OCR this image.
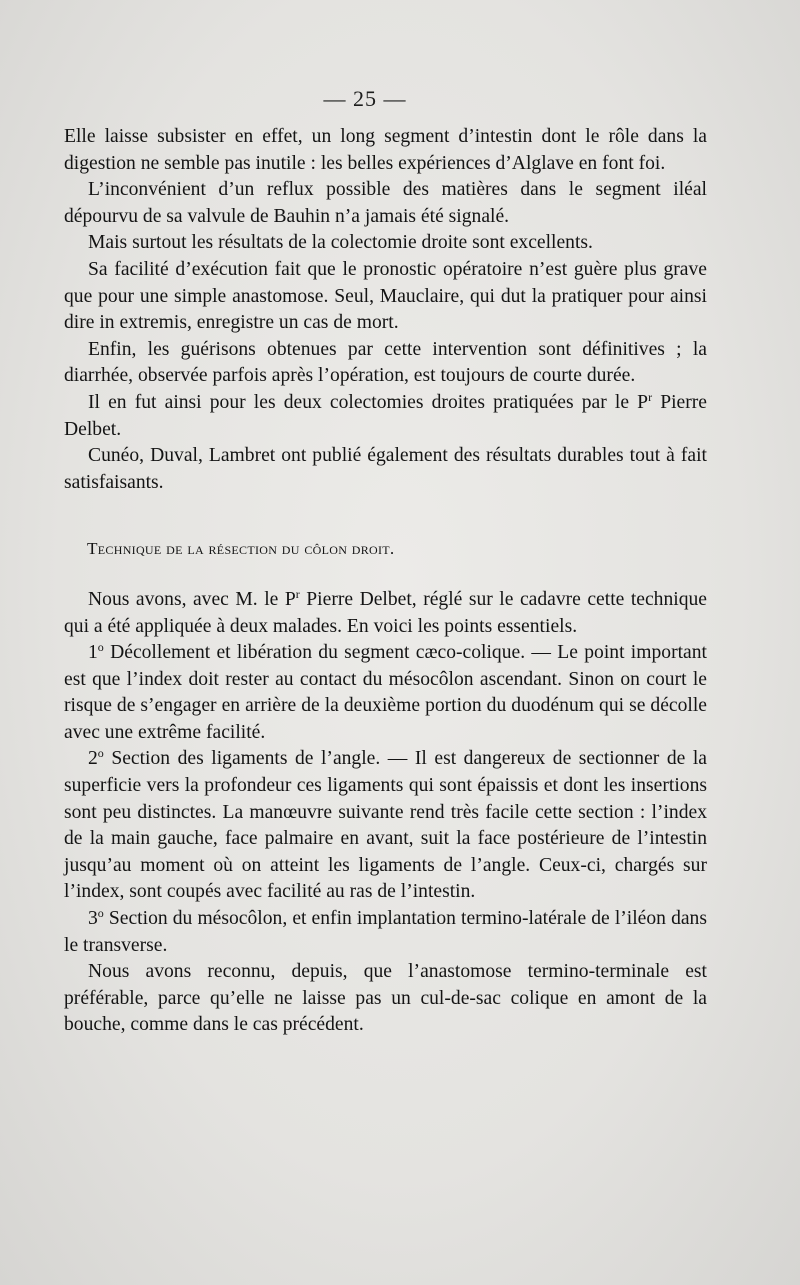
— 25 —

Elle laisse subsister en effet, un long segment d’intestin dont le rôle dans la digestion ne semble pas inutile : les belles expériences d’Alglave en font foi.

L’inconvénient d’un reflux possible des matières dans le segment iléal dépourvu de sa valvule de Bauhin n’a jamais été signalé.

Mais surtout les résultats de la colectomie droite sont excellents.

Sa facilité d’exécution fait que le pronostic opératoire n’est guère plus grave que pour une simple anastomose. Seul, Mauclaire, qui dut la pratiquer pour ainsi dire in extremis, enregistre un cas de mort.

Enfin, les guérisons obtenues par cette intervention sont définitives ; la diarrhée, observée parfois après l’opération, est toujours de courte durée.

Il en fut ainsi pour les deux colectomies droites pratiquées par le $P^r$ Pierre Delbet.

Cunéo, Duval, Lambret ont publié également des résultats durables tout à fait satisfaisants.

Technique de la résection du côlon droit.

Nous avons, avec M. le $P^r$ Pierre Delbet, réglé sur le cadavre cette technique qui a été appliquée à deux malades. En voici les points essentiels.

1$^o$ Décollement et libération du segment cæco-colique. — Le point important est que l’index doit rester au contact du mésocôlon ascendant. Sinon on court le risque de s’engager en arrière de la deuxième portion du duodénum qui se décolle avec une extrême facilité.

2$^o$ Section des ligaments de l’angle. — Il est dangereux de sectionner de la superficie vers la profondeur ces ligaments qui sont épaissis et dont les insertions sont peu distinctes. La manœuvre suivante rend très facile cette section : l’index de la main gauche, face palmaire en avant, suit la face postérieure de l’intestin jusqu’au moment où on atteint les ligaments de l’angle. Ceux-ci, chargés sur l’index, sont coupés avec facilité au ras de l’intestin.

3$^o$ Section du mésocôlon, et enfin implantation termino-latérale de l’iléon dans le transverse.

Nous avons reconnu, depuis, que l’anastomose termino-terminale est préférable, parce qu’elle ne laisse pas un cul-de-sac colique en amont de la bouche, comme dans le cas précédent.
